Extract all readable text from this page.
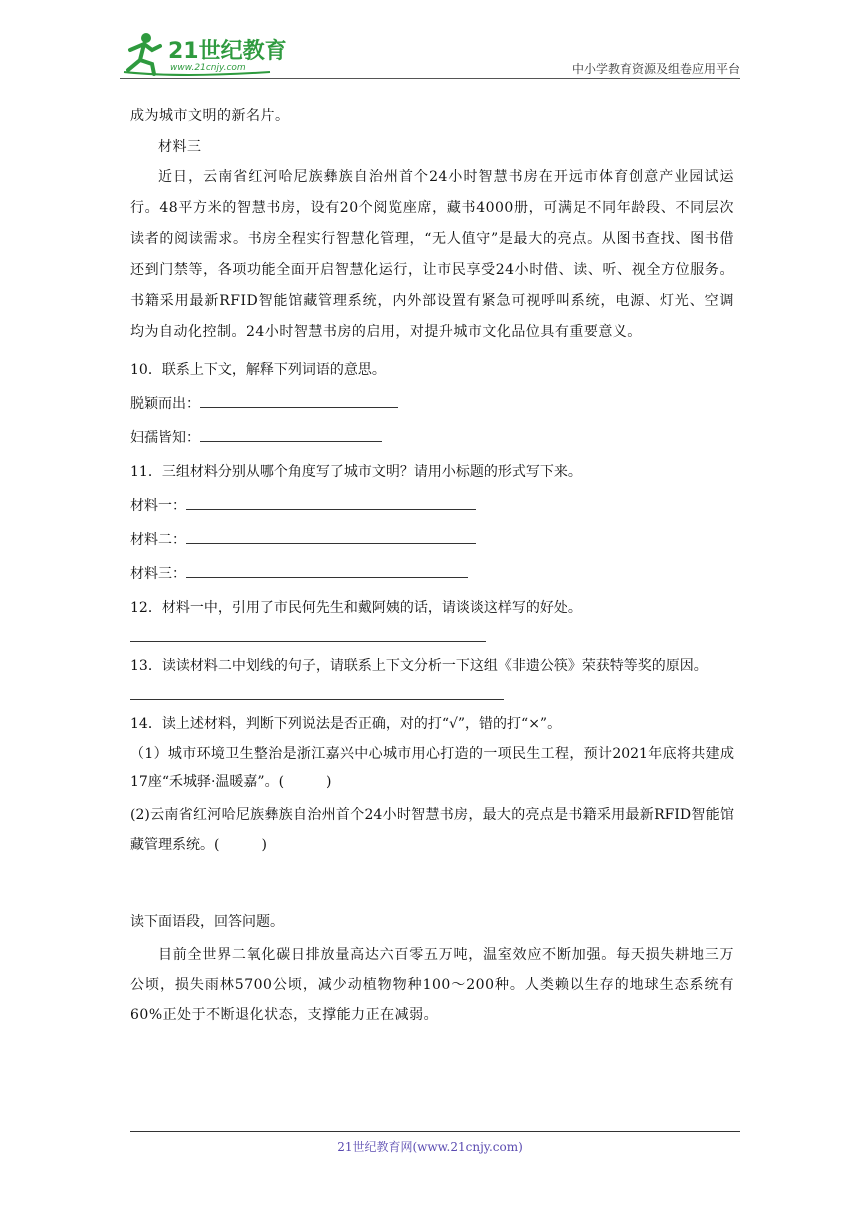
21世纪教育
www.21cnjy.com	中小学教育资源及组卷应用平台

成为城市文明的新名片。

材料三

近日，云南省红河哈尼族彝族自治州首个24小时智慧书房在开远市体育创意产业园试运行。48平方米的智慧书房，设有20个阅览座席，藏书4000册，可满足不同年龄段、不同层次读者的阅读需求。书房全程实行智慧化管理，“无人值守”是最大的亮点。从图书查找、图书借还到门禁等，各项功能全面开启智慧化运行，让市民享受24小时借、读、听、视全方位服务。书籍采用最新RFID智能馆藏管理系统，内外部设置有紧急可视呼叫系统，电源、灯光、空调均为自动化控制。24小时智慧书房的启用，对提升城市文化品位具有重要意义。

10．联系上下文，解释下列词语的意思。

脱颖而出：

妇孺皆知：

11．三组材料分别从哪个角度写了城市文明？请用小标题的形式写下来。

材料一：

材料二：

材料三：

12．材料一中，引用了市民何先生和戴阿姨的话，请谈谈这样写的好处。

13．读读材料二中划线的句子，请联系上下文分析一下这组《非遗公筷》荣获特等奖的原因。

14．读上述材料，判断下列说法是否正确，对的打“√”，错的打“×”。

（1）城市环境卫生整治是浙江嘉兴中心城市用心打造的一项民生工程，预计2021年底将共建成17座“禾城驿·温暖嘉”。(　　　)

(2)云南省红河哈尼族彝族自治州首个24小时智慧书房，最大的亮点是书籍采用最新RFID智能馆藏管理系统。(　　　)

读下面语段，回答问题。

目前全世界二氧化碳日排放量高达六百零五万吨，温室效应不断加强。每天损失耕地三万公顷，损失雨林5700公顷，减少动植物物种100～200种。人类赖以生存的地球生态系统有60%正处于不断退化状态，支撑能力正在减弱。

21世纪教育网(www.21cnjy.com)
